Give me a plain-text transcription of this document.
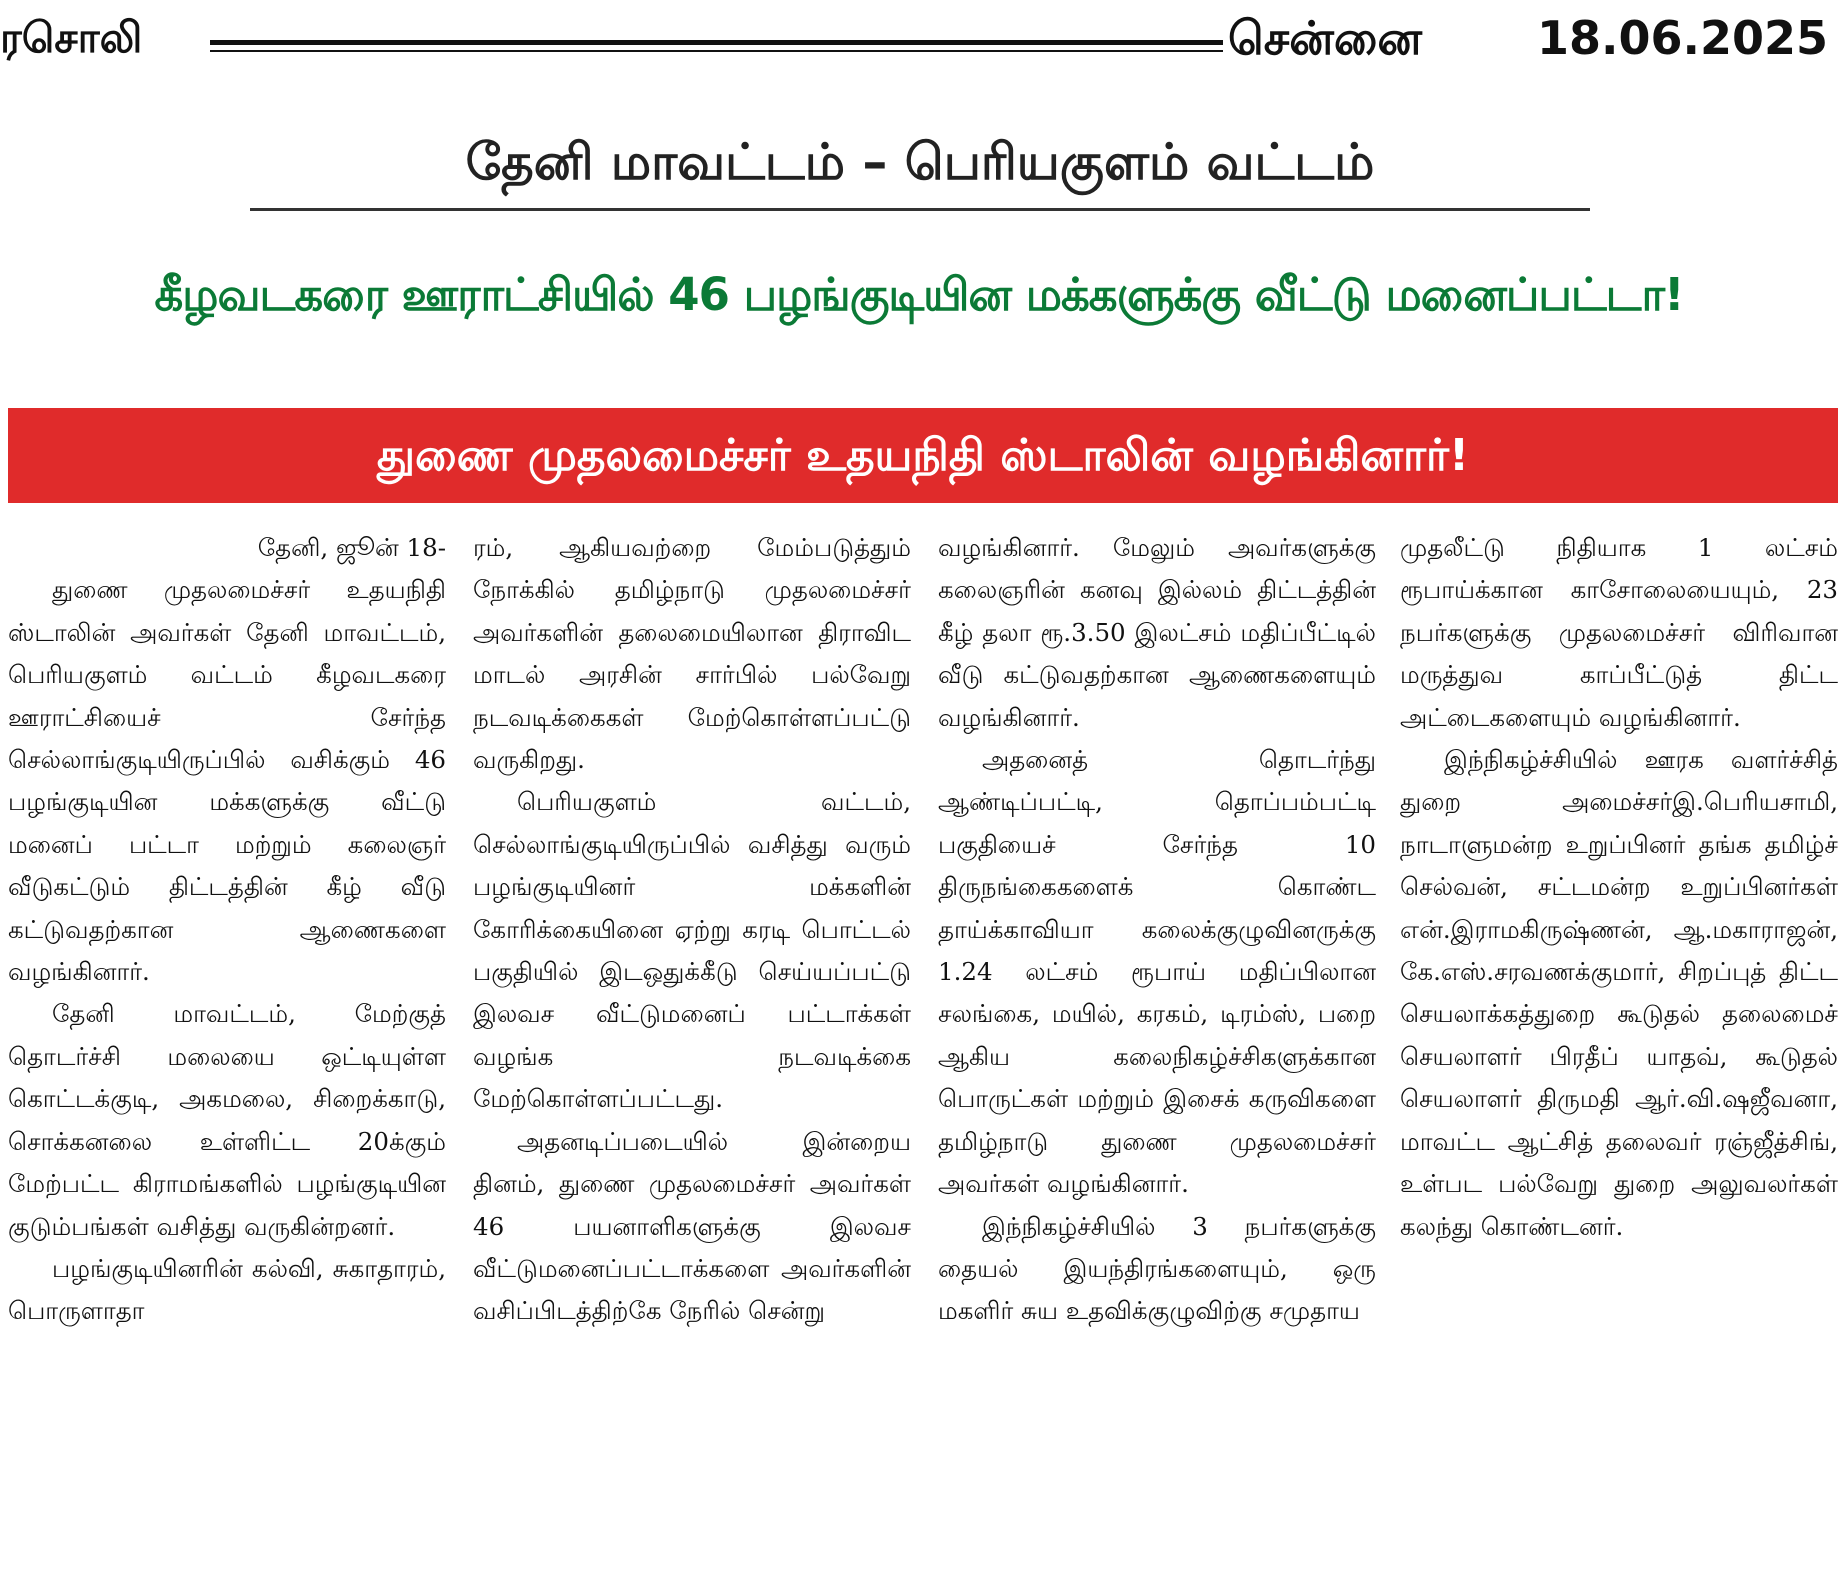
ரசொலி	சென்னை 18.06.2025
தேனி மாவட்டம் – பெரியகுளம் வட்டம்
கீழவடகரை ஊராட்சியில் 46 பழங்குடியின மக்களுக்கு வீட்டு மனைப்பட்டா!
துணை முதலமைச்சர் உதயநிதி ஸ்டாலின் வழங்கினார்!

தேனி, ஜூன் 18-

துணை முதலமைச்சர் உதயநிதி ஸ்டாலின் அவர்கள் தேனி மாவட்டம், பெரியகுளம் வட்டம் கீழவடகரை ஊராட்சியைச் சேர்ந்த செல்லாங்குடியிருப்பில் வசிக்கும் 46 பழங்குடியின மக்களுக்கு வீட்டு மனைப் பட்டா மற்றும் கலைஞர் வீடுகட்டும் திட்டத்தின் கீழ் வீடு கட்டுவதற்கான ஆணைகளை வழங்கினார்.

தேனி மாவட்டம், மேற்குத் தொடர்ச்சி மலையை ஒட்டியுள்ள கொட்டக்குடி, அகமலை, சிறைக்காடு, சொக்கனலை உள்ளிட்ட 20க்கும் மேற்பட்ட கிராமங்களில் பழங்குடியின குடும்பங்கள் வசித்து வருகின்றனர்.

பழங்குடியினரின் கல்வி, சுகாதாரம், பொருளாதா

ரம், ஆகியவற்றை மேம்படுத்தும் நோக்கில் தமிழ்நாடு முதலமைச்சர் அவர்களின் தலைமையிலான திராவிட மாடல் அரசின் சார்பில் பல்வேறு நடவடிக்கைகள் மேற்கொள்ளப்பட்டு வருகிறது.

பெரியகுளம் வட்டம், செல்லாங்குடியிருப்பில் வசித்து வரும் பழங்குடியினர் மக்களின் கோரிக்கையினை ஏற்று கரடி பொட்டல் பகுதியில் இடஒதுக்கீடு செய்யப்பட்டு இலவச வீட்டுமனைப் பட்டாக்கள் வழங்க நடவடிக்கை மேற்கொள்ளப்பட்டது.

அதனடிப்படையில் இன்றைய தினம், துணை முதலமைச்சர் அவர்கள் 46 பயனாளிகளுக்கு இலவச வீட்டுமனைப்பட்டாக்களை அவர்களின் வசிப்பிடத்திற்கே நேரில் சென்று

வழங்கினார். மேலும் அவர்களுக்கு கலைஞரின் கனவு இல்லம் திட்டத்தின் கீழ் தலா ரூ.3.50 இலட்சம் மதிப்பீட்டில் வீடு கட்டுவதற்கான ஆணைகளையும் வழங்கினார்.

அதனைத் தொடர்ந்து ஆண்டிப்பட்டி, தொப்பம்பட்டி பகுதியைச் சேர்ந்த 10 திருநங்கைகளைக் கொண்ட தாய்க்காவியா கலைக்குழுவினருக்கு 1.24 லட்சம் ரூபாய் மதிப்பிலான சலங்கை, மயில், கரகம், டிரம்ஸ், பறை ஆகிய கலைநிகழ்ச்சிகளுக்கான பொருட்கள் மற்றும் இசைக் கருவிகளை தமிழ்நாடு துணை முதலமைச்சர் அவர்கள் வழங்கினார்.

இந்நிகழ்ச்சியில் 3 நபர்களுக்கு தையல் இயந்திரங்களையும், ஒரு மகளிர் சுய உதவிக்குழுவிற்கு சமுதாய

முதலீட்டு நிதியாக 1 லட்சம் ரூபாய்க்கான காசோலையையும், 23 நபர்களுக்கு முதலமைச்சர் விரிவான மருத்துவ காப்பீட்டுத் திட்ட அட்டைகளையும் வழங்கினார்.

இந்நிகழ்ச்சியில் ஊரக வளர்ச்சித் துறை அமைச்சர்இ.பெரியசாமி, நாடாளுமன்ற உறுப்பினர் தங்க தமிழ்ச் செல்வன், சட்டமன்ற உறுப்பினர்கள் என்.இராமகிருஷ்ணன், ஆ.மகாராஜன், கே.எஸ்.சரவணக்குமார், சிறப்புத் திட்ட செயலாக்கத்துறை கூடுதல் தலைமைச் செயலாளர் பிரதீப் யாதவ், கூடுதல் செயலாளர் திருமதி ஆர்.வி.ஷஜீவனா, மாவட்ட ஆட்சித் தலைவர் ரஞ்ஜீத்சிங், உள்பட பல்வேறு துறை அலுவலர்கள் கலந்து கொண்டனர்.
